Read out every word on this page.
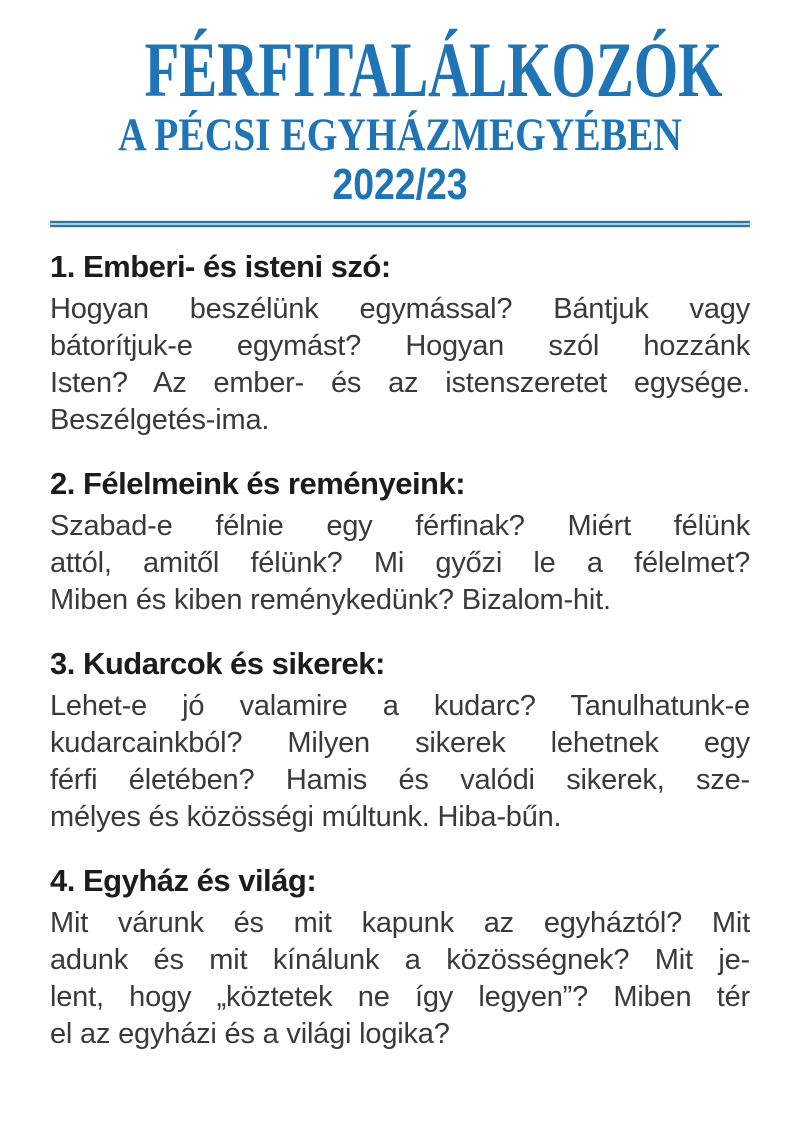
FÉRFITALÁLKOZÓK
A PÉCSI EGYHÁZMEGYÉBEN
2022/23
1. Emberi- és isteni szó:
Hogyan beszélünk egymással? Bántjuk vagy
bátorítjuk-e egymást? Hogyan szól hozzánk
Isten? Az ember- és az istenszeretet egysége.
Beszélgetés-ima.
2. Félelmeink és reményeink:
Szabad-e félnie egy férfinak? Miért félünk
attól, amitől félünk? Mi győzi le a félelmet?
Miben és kiben reménykedünk? Bizalom-hit.
3. Kudarcok és sikerek:
Lehet-e jó valamire a kudarc? Tanulhatunk-e
kudarcainkból? Milyen sikerek lehetnek egy
férfi életében? Hamis és valódi sikerek, sze-
mélyes és közösségi múltunk. Hiba-bűn.
4. Egyház és világ:
Mit várunk és mit kapunk az egyháztól? Mit
adunk és mit kínálunk a közösségnek? Mit je-
lent, hogy „köztetek ne így legyen”? Miben tér
el az egyházi és a világi logika?
